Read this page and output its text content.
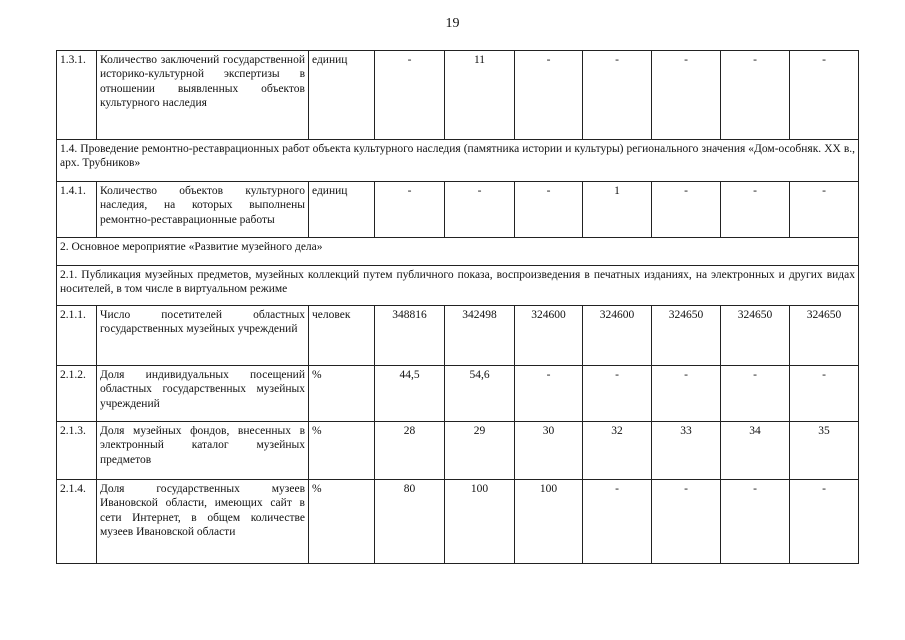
19
1.3.1.	Количество заключений государственной историко-культурной экспертизы в отношении выявленных объектов культурного наследия	единиц	-	11	-	-	-	-	-
1.4. Проведение ремонтно-реставрационных работ объекта культурного наследия (памятника истории и культуры) регионального значения «Дом-особняк. XX в., арх. Трубников»									
1.4.1.	Количество объектов культурного наследия, на которых выполнены ремонтно-реставрационные работы	единиц	-	-	-	1	-	-	-
2. Основное мероприятие «Развитие музейного дела»									
2.1. Публикация музейных предметов, музейных коллекций путем публичного показа, воспроизведения в печатных изданиях, на электронных и других видах носителей, в том числе в виртуальном режиме									
2.1.1.	Число посетителей областных государственных музейных учреждений	человек	348816	342498	324600	324600	324650	324650	324650
2.1.2.	Доля индивидуальных посещений областных государственных музейных учреждений	%	44,5	54,6	-	-	-	-	-
2.1.3.	Доля музейных фондов, внесенных в электронный каталог музейных предметов	%	28	29	30	32	33	34	35
2.1.4.	Доля государственных музеев Ивановской области, имеющих сайт в сети Интернет, в общем количестве музеев Ивановской области	%	80	100	100	-	-	-	-
